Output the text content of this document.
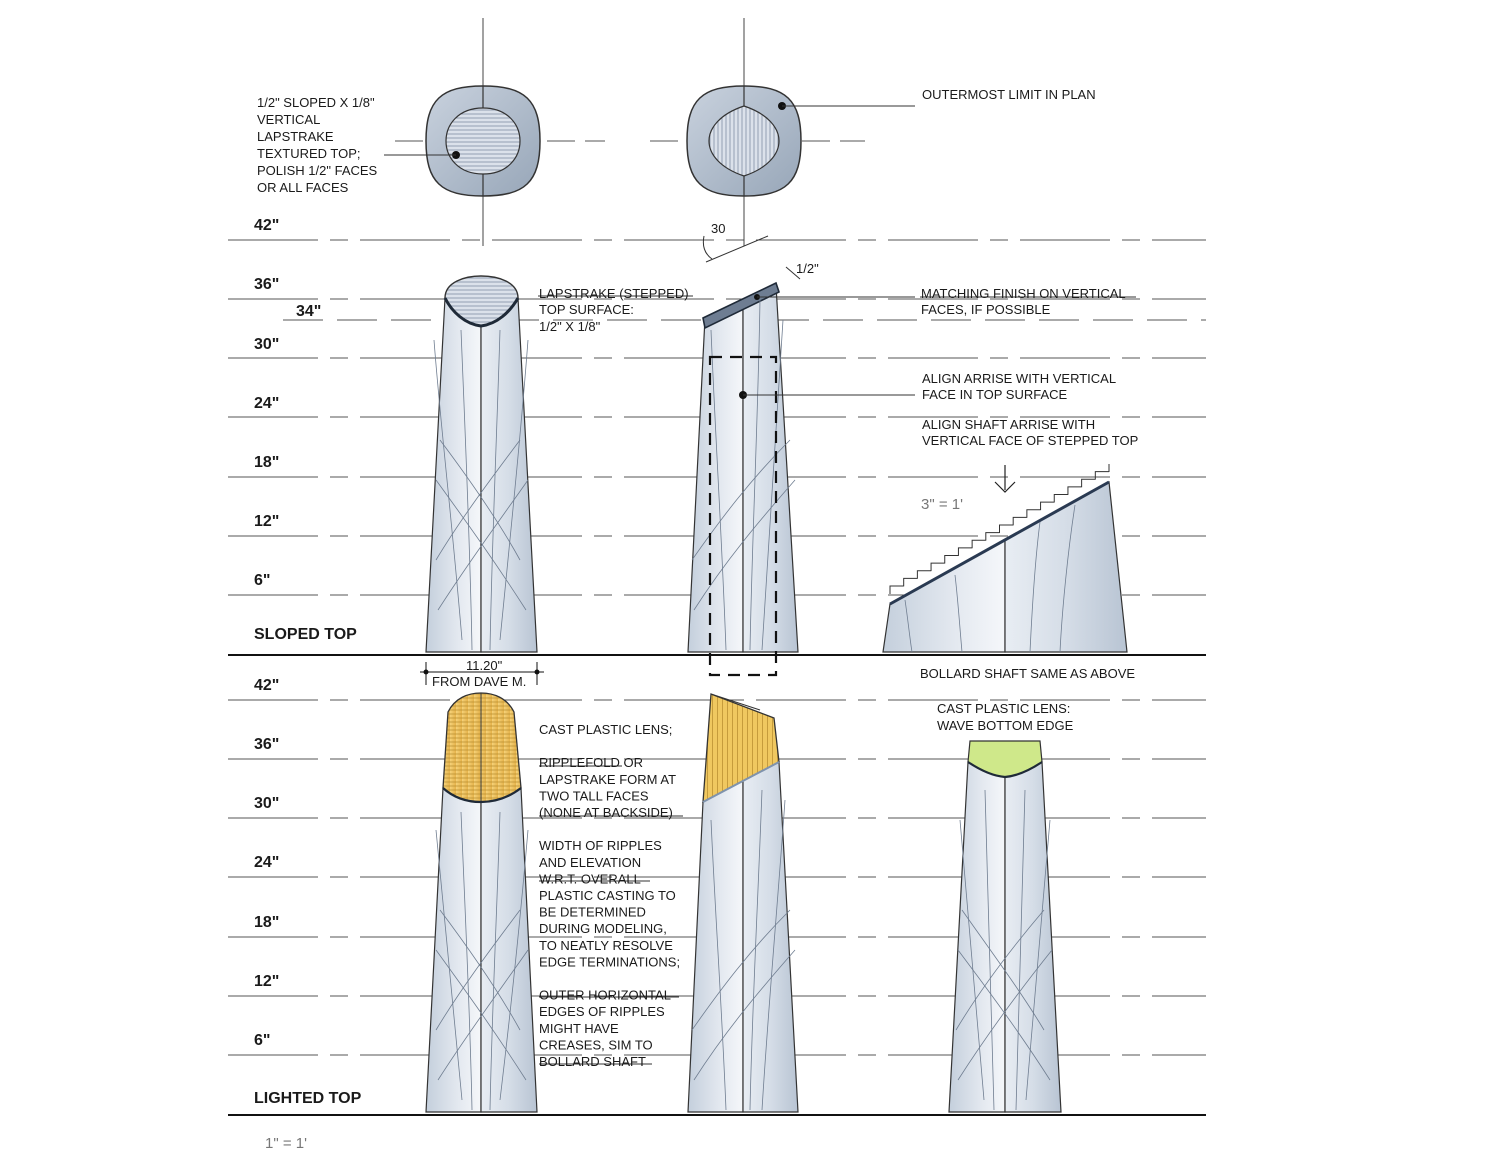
42"
36"
34"
30"
24"
18"
12"
6"
42"
36"
30"
24"
18"
12"
6"
SLOPED TOP
LIGHTED TOP
1/2" SLOPED X 1/8"
VERTICAL
LAPSTRAKE
TEXTURED TOP;
POLISH 1/2" FACES
OR ALL FACES
OUTERMOST LIMIT IN PLAN
30
1/2"
LAPSTRAKE (STEPPED)
TOP SURFACE:
1/2" X 1/8"
MATCHING FINISH ON VERTICAL
FACES, IF POSSIBLE
ALIGN ARRISE WITH VERTICAL
FACE IN TOP SURFACE
ALIGN SHAFT ARRISE WITH
VERTICAL FACE OF STEPPED TOP
3" = 1'
11.20"
FROM DAVE M.
BOLLARD SHAFT SAME AS ABOVE
CAST PLASTIC LENS:
WAVE BOTTOM EDGE
CAST PLASTIC LENS;
RIPPLEFOLD OR
LAPSTRAKE FORM AT
TWO TALL FACES
(NONE AT BACKSIDE)
WIDTH OF RIPPLES
AND ELEVATION
W.R.T. OVERALL
PLASTIC CASTING TO
BE DETERMINED
DURING MODELING,
TO NEATLY RESOLVE
EDGE TERMINATIONS;
OUTER HORIZONTAL
EDGES OF RIPPLES
MIGHT HAVE
CREASES, SIM TO
BOLLARD SHAFT
1" = 1'
